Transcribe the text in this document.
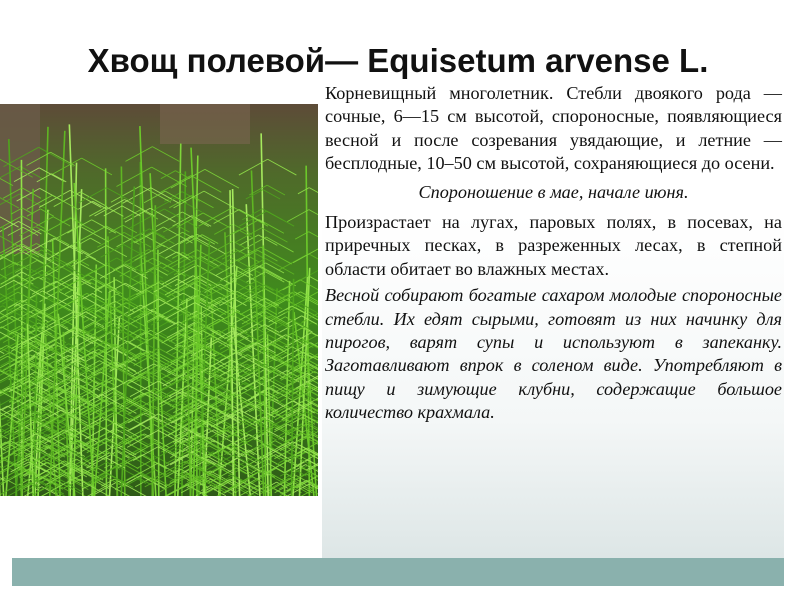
Хвощ полевой— Equisetum arvense L.

Корневищный многолетник. Стебли двоякого рода — сочные, 6—15 см высотой, спороносные, появляющиеся весной и после созревания увядающие, и летние — бесплодные, 10–50 см высотой, сохраняющиеся до осени.

Спороношение в мае, начале июня.

Произрастает на лугах, паровых полях, в посевах, на приречных песках, в разреженных лесах, в степной области обитает во влажных местах.

Весной собирают богатые сахаром молодые спороносные стебли. Их едят сырыми, готовят из них начинку для пирогов, варят супы и используют в запеканку. Заготавливают впрок в соленом виде. Употребляют в пищу и зимующие клубни, содержащие большое количество крахмала.
